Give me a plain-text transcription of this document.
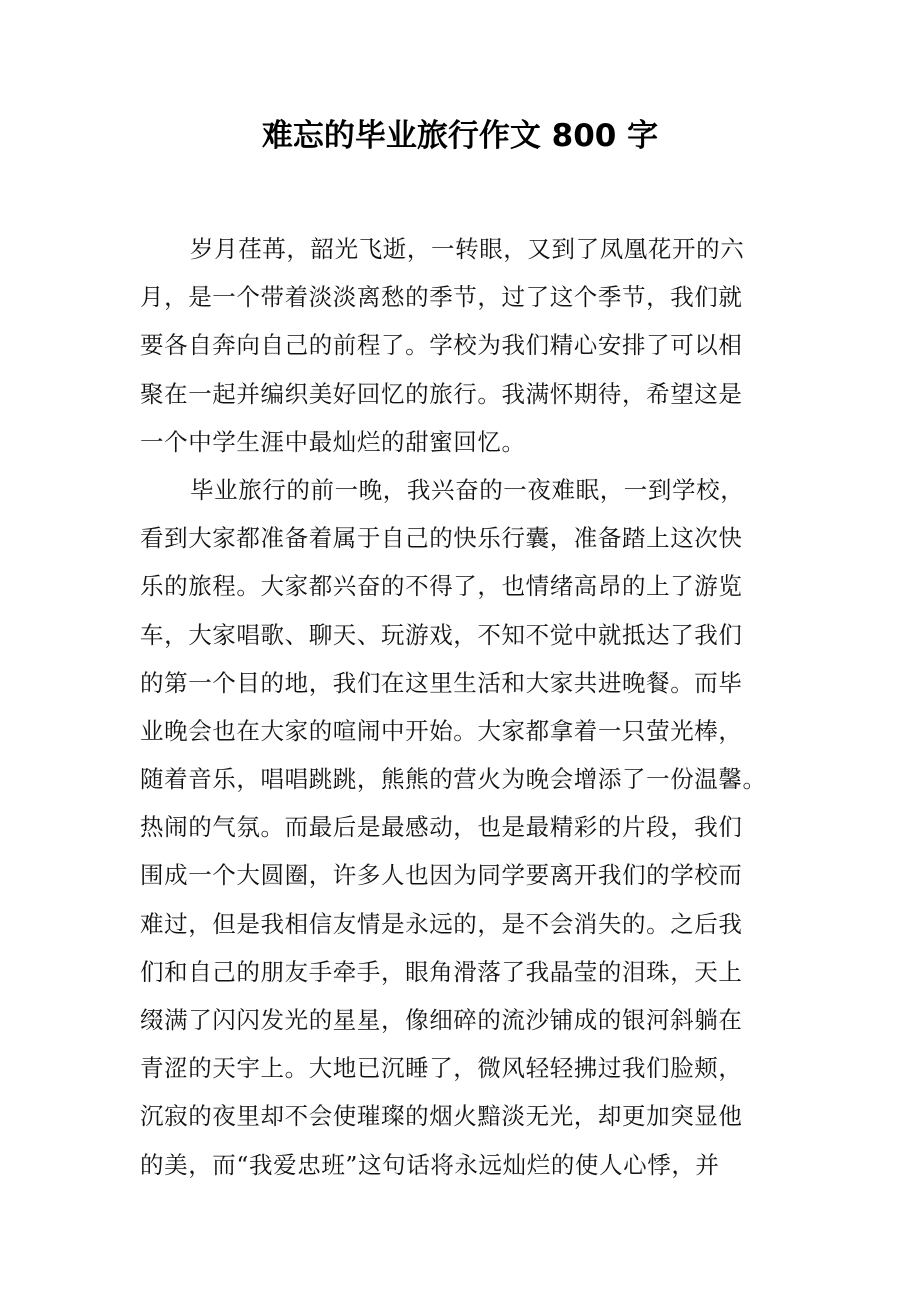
难忘的毕业旅行作文 800 字
岁月荏苒，韶光飞逝，一转眼，又到了凤凰花开的六
月，是一个带着淡淡离愁的季节，过了这个季节，我们就
要各自奔向自己的前程了。学校为我们精心安排了可以相
聚在一起并编织美好回忆的旅行。我满怀期待，希望这是
一个中学生涯中最灿烂的甜蜜回忆。
毕业旅行的前一晚，我兴奋的一夜难眠，一到学校，
看到大家都准备着属于自己的快乐行囊，准备踏上这次快
乐的旅程。大家都兴奋的不得了，也情绪高昂的上了游览
车，大家唱歌、聊天、玩游戏，不知不觉中就抵达了我们
的第一个目的地，我们在这里生活和大家共进晚餐。而毕
业晚会也在大家的喧闹中开始。大家都拿着一只萤光棒，
随着音乐，唱唱跳跳，熊熊的营火为晚会增添了一份温馨。
热闹的气氛。而最后是最感动，也是最精彩的片段，我们
围成一个大圆圈，许多人也因为同学要离开我们的学校而
难过，但是我相信友情是永远的，是不会消失的。之后我
们和自己的朋友手牵手，眼角滑落了我晶莹的泪珠，天上
缀满了闪闪发光的星星，像细碎的流沙铺成的银河斜躺在
青涩的天宇上。大地已沉睡了，微风轻轻拂过我们脸颊，
沉寂的夜里却不会使璀璨的烟火黯淡无光，却更加突显他
的美，而“我爱忠班”这句话将永远灿烂的使人心悸，并
